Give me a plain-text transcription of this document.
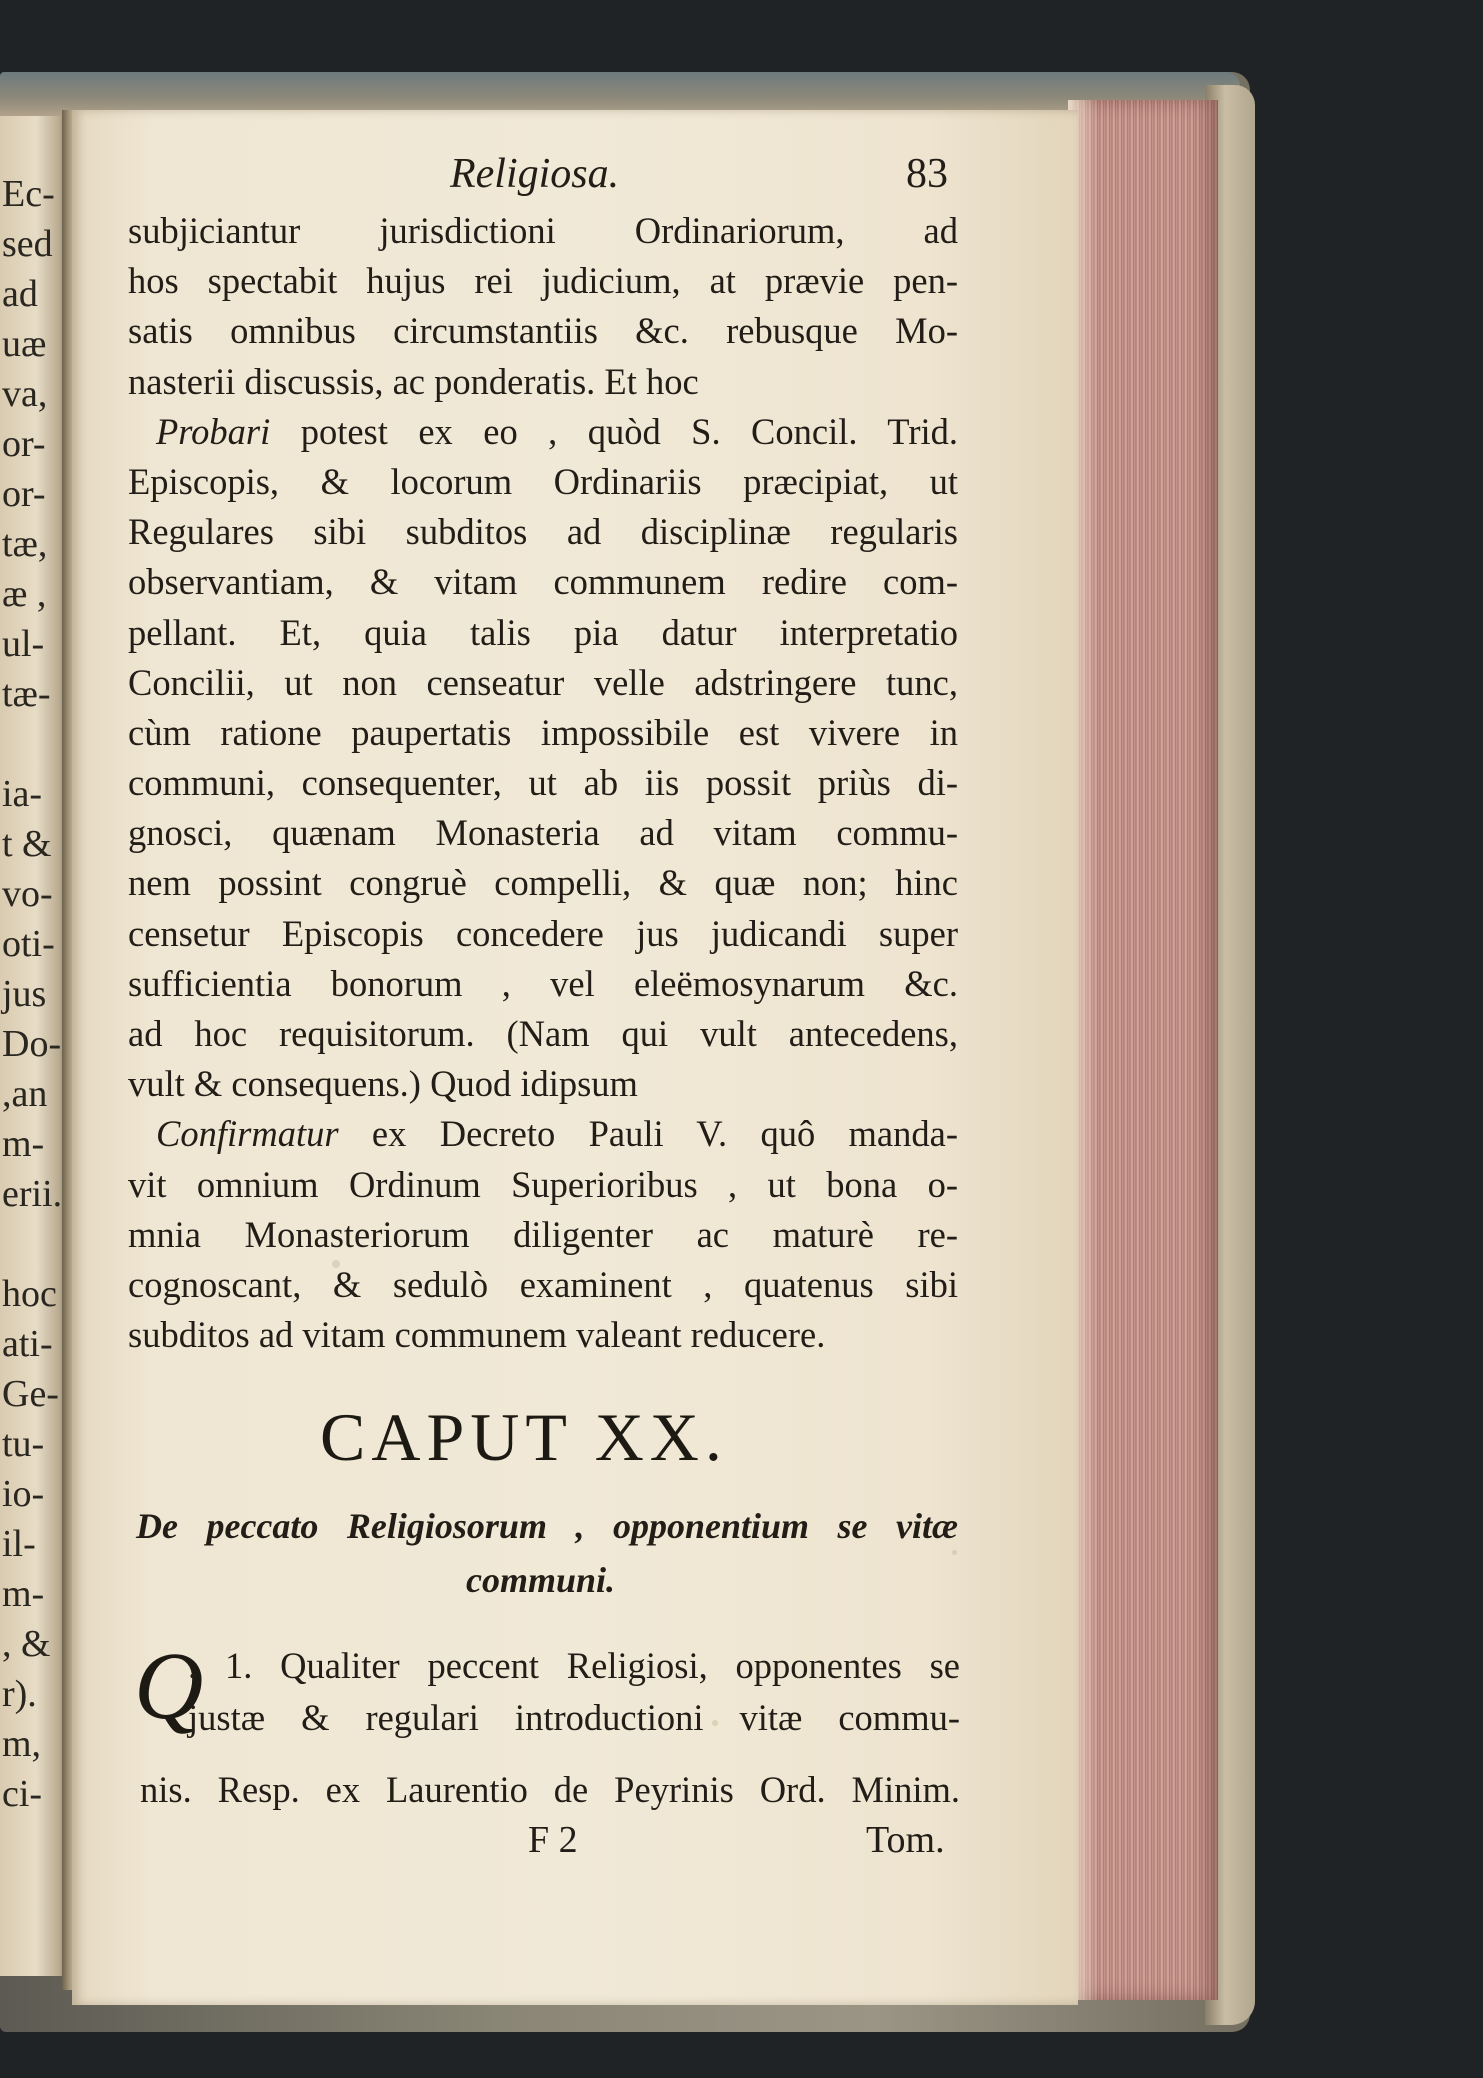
Ec-
sed
ad
uæ
va,
or-
or-
tæ,
æ ,
ul-
tæ-
ia-
t &
vo-
oti-
jus
Do-
,an
m-
erii.
hoc
ati-
Ge-
tu-
io-
il-
m-
, &
r).
m,
ci-
Religiosa.	83
subjiciantur jurisdictioni Ordinariorum, ad
hos spectabit hujus rei judicium, at prævie pen-
satis omnibus circumstantiis &c. rebusque Mo-
nasterii discussis, ac ponderatis. Et hoc
Probari potest ex eo , quòd S. Concil. Trid.
Episcopis, & locorum Ordinariis præcipiat, ut
Regulares sibi subditos ad disciplinæ regularis
observantiam, & vitam communem redire com-
pellant. Et, quia talis pia datur interpretatio
Concilii, ut non censeatur velle adstringere tunc,
cùm ratione paupertatis impossibile est vivere in
communi, consequenter, ut ab iis possit priùs di-
gnosci, quænam Monasteria ad vitam commu-
nem possint congruè compelli, & quæ non; hinc
censetur Episcopis concedere jus judicandi super
sufficientia bonorum , vel eleëmosynarum &c.
ad hoc requisitorum. (Nam qui vult antecedens,
vult & consequens.) Quod idipsum
Confirmatur ex Decreto Pauli V. quô manda-
vit omnium Ordinum Superioribus , ut bona o-
mnia Monasteriorum diligenter ac maturè re-
cognoscant, & sedulò examinent , quatenus sibi
subditos ad vitam communem valeant reducere.
CAPUT XX.
De peccato Religiosorum , opponentium se vitæ
communi.
Q
. 1. Qualiter peccent Religiosi, opponentes se
justæ & regulari introductioni vitæ commu-
nis. Resp. ex Laurentio de Peyrinis Ord. Minim.
F 2	Tom.
